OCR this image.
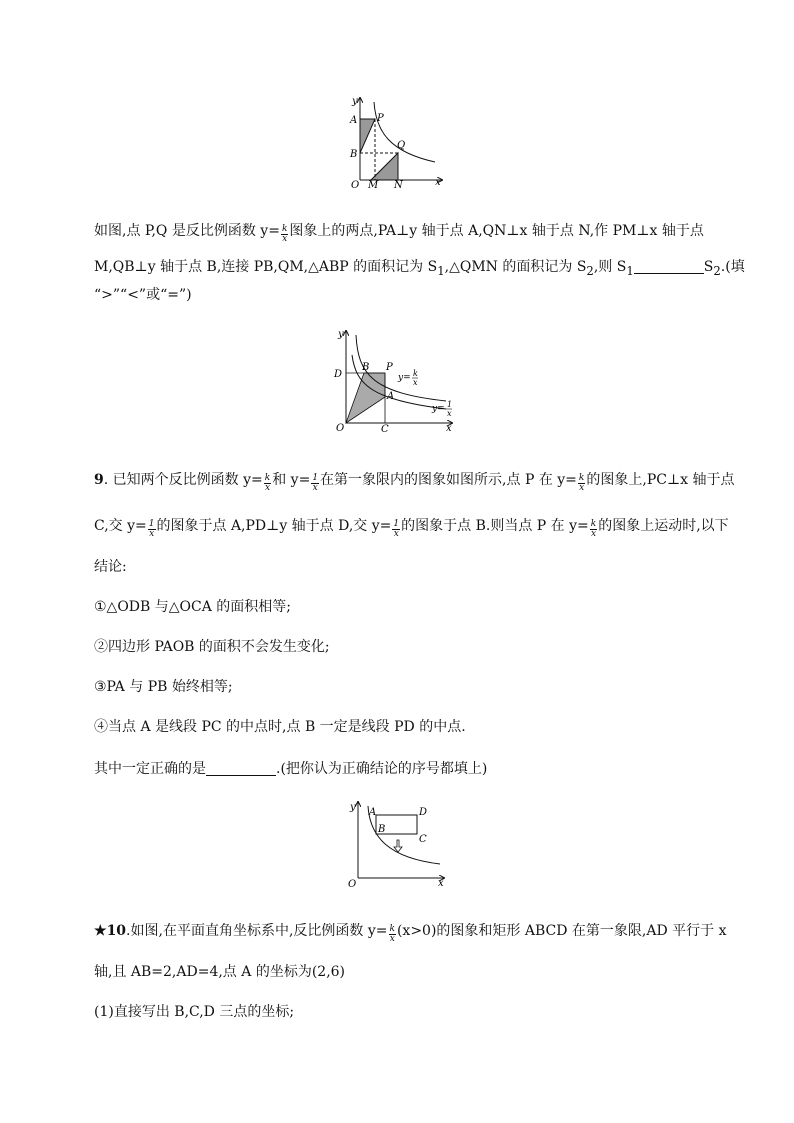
y
A P
B
Q
O M N	x
如图,点 P,Q 是反比例函数 $y= \frac{k}{x}$ 图象上的两点,PA⊥y 轴于点 A,QN⊥x 轴于点 N,作 PM⊥x 轴于点
M,QB⊥y 轴于点 B,连接 PB,QM,△ABP 的面积记为 $S_1,\triangle QMN$ 的面积记为 $S_2$,则 $S_1$	$S_2$.(填
“>”“<”或“=”)
y
D
B P
y= k
x
A
y= 1
x
O	C	x
9. 已知两个反比例函数 $y= \frac{k}{x}$ 和 $y= \frac{1}{x}$ 在第一象限内的图象如图所示,点 P 在 $y= \frac{k}{x}$ 的图象上,PC⊥x 轴于点
C,交 $y= \frac{1}{x}$ 的图象于点 A,PD⊥y 轴于点 D,交 $y= \frac{1}{x}$ 的图象于点 B.则当点 P 在 $y= \frac{k}{x}$ 的图象上运动时,以下
结论:
①△ODB 与△OCA 的面积相等;
②四边形 PAOB 的面积不会发生变化;
③PA 与 PB 始终相等;
④当点 A 是线段 PC 的中点时,点 B 一定是线段 PD 的中点.
其中一定正确的是	.(把你认为正确结论的序号都填上)
y A	D
B
C
O	x
★10.如图,在平面直角坐标系中,反比例函数 $y= \frac{k}{x} (x>0)$的图象和矩形 ABCD 在第一象限,AD 平行于 x
轴,且 AB=2,AD=4,点 A 的坐标为(2,6)
(1)直接写出 B,C,D 三点的坐标;
